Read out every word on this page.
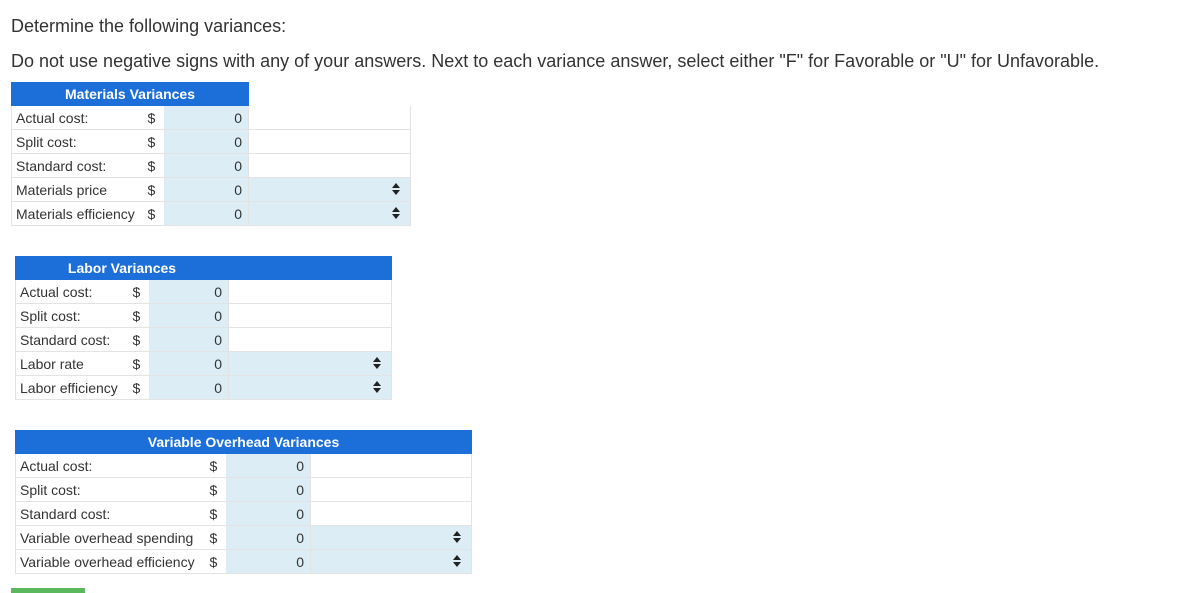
Determine the following variances:
Do not use negative signs with any of your answers. Next to each variance answer, select either "F" for Favorable or "U" for Unfavorable.
Materials Variances			
Actual cost:	$	0	
Split cost:	$	0	
Standard cost:	$	0	
Materials price	$	0	

Materials efficiency	$	0	
Labor Variances			
Actual cost:	$	0	
Split cost:	$	0	
Standard cost:	$	0	
Labor rate	$	0	

Labor efficiency	$	0	
Variable Overhead Variances			
Actual cost:	$	0	
Split cost:	$	0	
Standard cost:	$	0	
Variable overhead spending	$	0	

Variable overhead efficiency	$	0	
